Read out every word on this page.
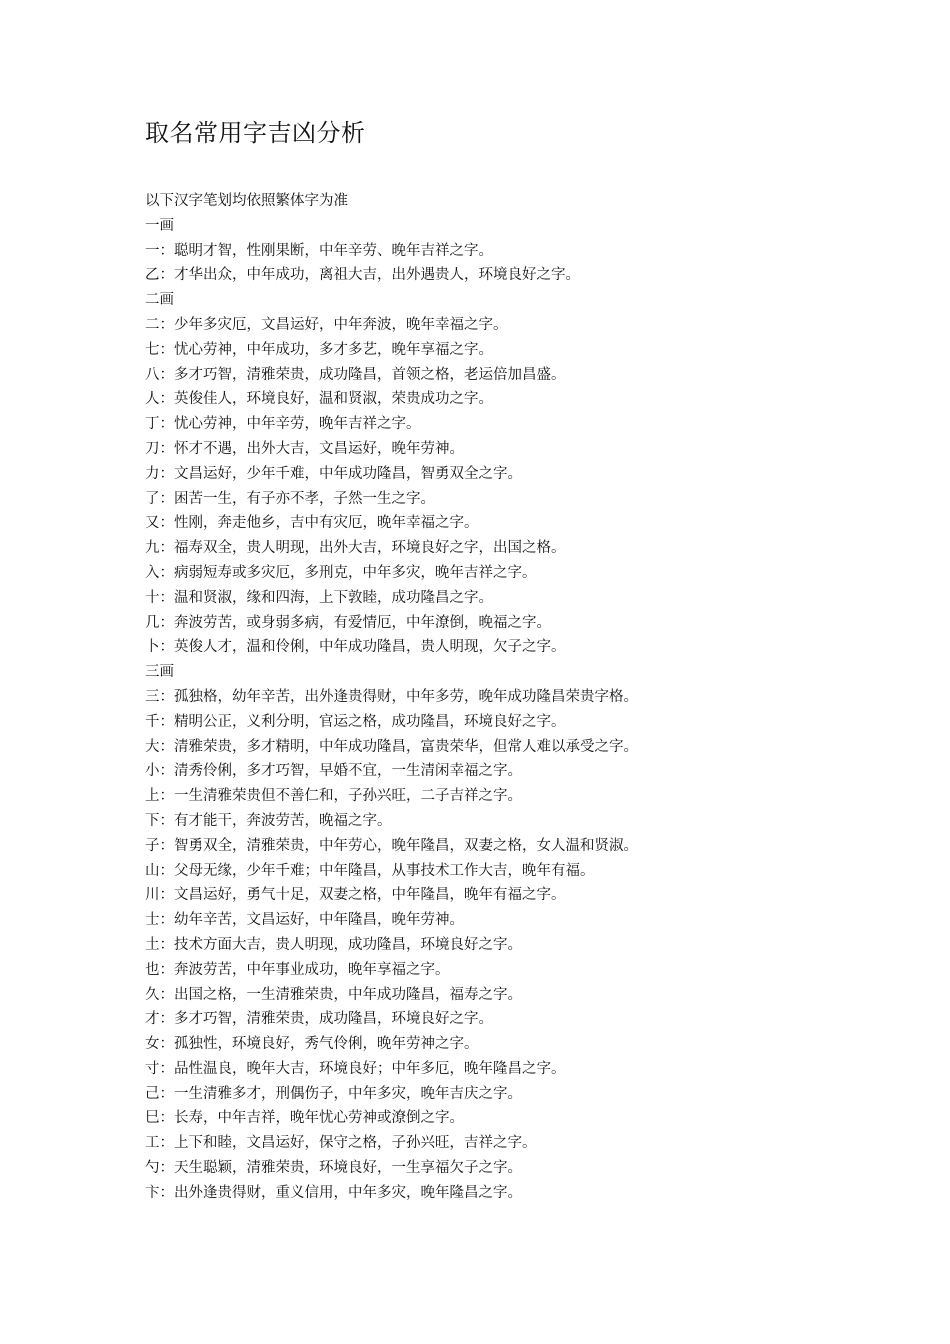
取名常用字吉凶分析
以下汉字笔划均依照繁体字为准
一画
一：聪明才智，性刚果断，中年辛劳、晚年吉祥之字。
乙：才华出众，中年成功，离祖大吉，出外遇贵人，环境良好之字。
二画
二：少年多灾厄，文昌运好，中年奔波，晚年幸福之字。
七：忧心劳神，中年成功，多才多艺，晚年享福之字。
八：多才巧智，清雅荣贵，成功隆昌，首领之格，老运倍加昌盛。
人：英俊佳人，环境良好，温和贤淑，荣贵成功之字。
丁：忧心劳神，中年辛劳，晚年吉祥之字。
刀：怀才不遇，出外大吉，文昌运好，晚年劳神。
力：文昌运好，少年千难，中年成功隆昌，智勇双全之字。
了：困苦一生，有子亦不孝，子然一生之字。
又：性刚，奔走他乡，吉中有灾厄，晚年幸福之字。
九：福寿双全，贵人明现，出外大吉，环境良好之字，出国之格。
入：病弱短寿或多灾厄，多刑克，中年多灾，晚年吉祥之字。
十：温和贤淑，缘和四海，上下敦睦，成功隆昌之字。
几：奔波劳苦，或身弱多病，有爱情厄，中年潦倒，晚福之字。
卜：英俊人才，温和伶俐，中年成功隆昌，贵人明现，欠子之字。
三画
三：孤独格，幼年辛苦，出外逢贵得财，中年多劳，晚年成功隆昌荣贵字格。
千：精明公正，义利分明，官运之格，成功隆昌，环境良好之字。
大：清雅荣贵，多才精明，中年成功隆昌，富贵荣华，但常人难以承受之字。
小：清秀伶俐，多才巧智，早婚不宜，一生清闲幸福之字。
上：一生清雅荣贵但不善仁和，子孙兴旺，二子吉祥之字。
下：有才能干，奔波劳苦，晚福之字。
子：智勇双全，清雅荣贵，中年劳心，晚年隆昌，双妻之格，女人温和贤淑。
山：父母无缘，少年千难；中年隆昌，从事技术工作大吉，晚年有福。
川：文昌运好，勇气十足，双妻之格，中年隆昌，晚年有福之字。
士：幼年辛苦，文昌运好，中年隆昌，晚年劳神。
土：技术方面大吉，贵人明现，成功隆昌，环境良好之字。
也：奔波劳苦，中年事业成功，晚年享福之字。
久：出国之格，一生清雅荣贵，中年成功隆昌，福寿之字。
才：多才巧智，清雅荣贵，成功隆昌，环境良好之字。
女：孤独性，环境良好，秀气伶俐，晚年劳神之字。
寸：品性温良，晚年大吉，环境良好；中年多厄，晚年隆昌之字。
己：一生清雅多才，刑偶伤子，中年多灾，晚年吉庆之字。
巳：长寿，中年吉祥，晚年忧心劳神或潦倒之字。
工：上下和睦，文昌运好，保守之格，子孙兴旺，吉祥之字。
勺：天生聪颖，清雅荣贵，环境良好，一生享福欠子之字。
卞：出外逢贵得财，重义信用，中年多灾，晚年隆昌之字。
